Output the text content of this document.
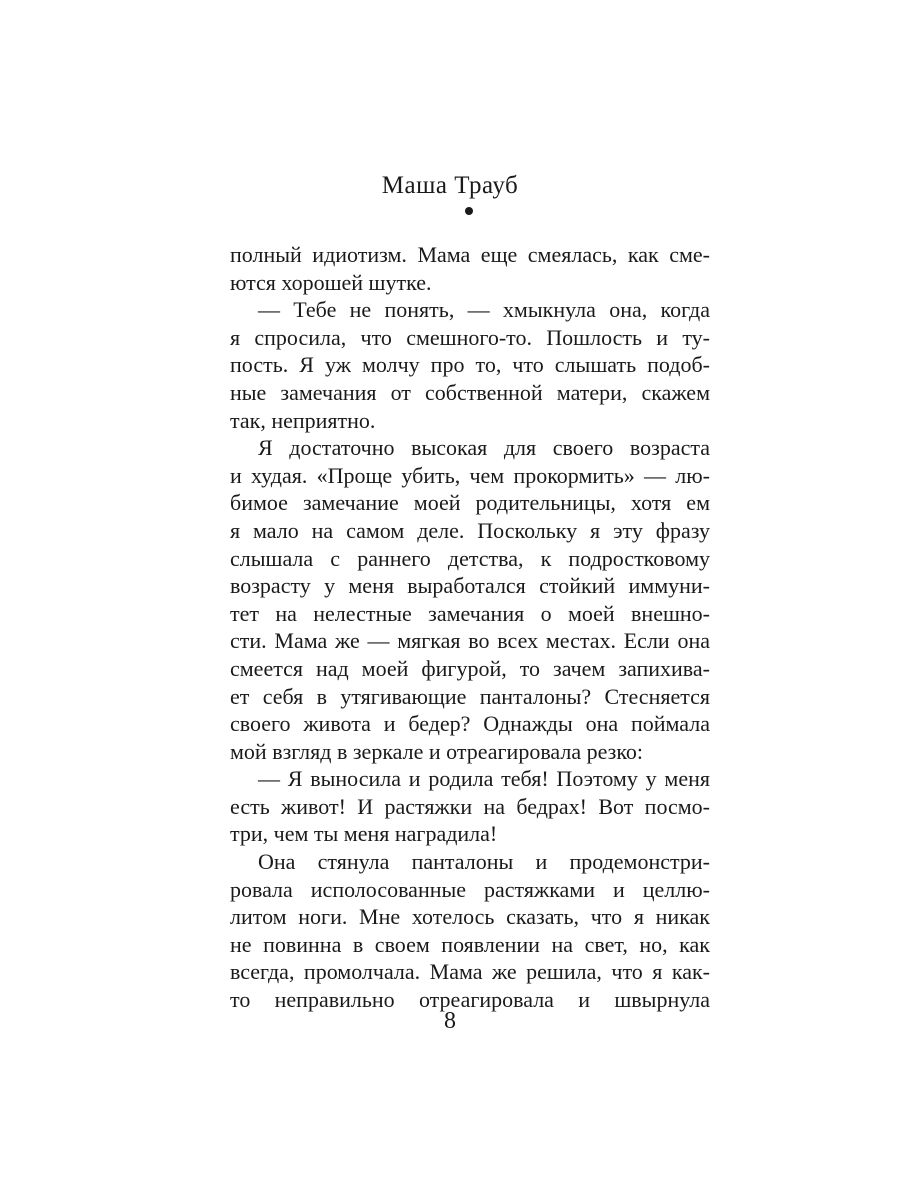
Маша Трауб
полный идиотизм. Мама еще смеялась, как сме-
ются хорошей шутке.
— Тебе не понять, — хмыкнула она, когда
я спросила, что смешного-то. Пошлость и ту-
пость. Я уж молчу про то, что слышать подоб-
ные замечания от собственной матери, скажем
так, неприятно.
Я достаточно высокая для своего возраста
и худая. «Проще убить, чем прокормить» — лю-
бимое замечание моей родительницы, хотя ем
я мало на самом деле. Поскольку я эту фразу
слышала с раннего детства, к подростковому
возрасту у меня выработался стойкий иммуни-
тет на нелестные замечания о моей внешно-
сти. Мама же — мягкая во всех местах. Если она
смеется над моей фигурой, то зачем запихива-
ет себя в утягивающие панталоны? Стесняется
своего живота и бедер? Однажды она поймала
мой взгляд в зеркале и отреагировала резко:
— Я выносила и родила тебя! Поэтому у меня
есть живот! И растяжки на бедрах! Вот посмо-
три, чем ты меня наградила!
Она стянула панталоны и продемонстри-
ровала исполосованные растяжками и целлю-
литом ноги. Мне хотелось сказать, что я никак
не повинна в своем появлении на свет, но, как
всегда, промолчала. Мама же решила, что я как-
то неправильно отреагировала и швырнула
8
